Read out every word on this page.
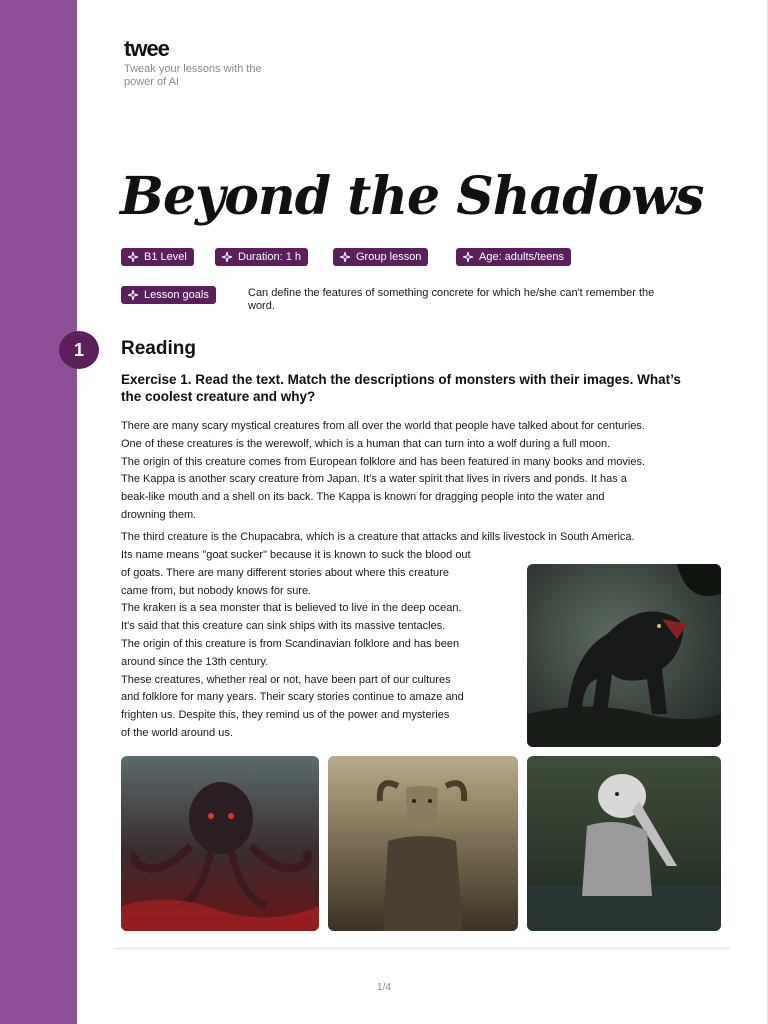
twee
Tweak your lessons with the power of AI
Beyond the Shadows
B1 Level	Duration: 1 h	Group lesson	Age: adults/teens
Lesson goals	Can define the features of something concrete for which he/she can't remember the word.
1	Reading
Exercise 1. Read the text. Match the descriptions of monsters with their images. What’s the coolest creature and why?

There are many scary mystical creatures from all over the world that people have talked about for centuries.

One of these creatures is the werewolf, which is a human that can turn into a wolf during a full moon.

The origin of this creature comes from European folklore and has been featured in many books and movies.

The Kappa is another scary creature from Japan. It's a water spirit that lives in rivers and ponds. It has a

beak-like mouth and a shell on its back. The Kappa is known for dragging people into the water and

drowning them.

The third creature is the Chupacabra, which is a creature that attacks and kills livestock in South America.

Its name means "goat sucker" because it is known to suck the blood out

of goats. There are many different stories about where this creature

came from, but nobody knows for sure.

The kraken is a sea monster that is believed to live in the deep ocean.

It's said that this creature can sink ships with its massive tentacles.

The origin of this creature is from Scandinavian folklore and has been

around since the 13th century.

These creatures, whether real or not, have been part of our cultures

and folklore for many years. Their scary stories continue to amaze and

frighten us. Despite this, they remind us of the power and mysteries

of the world around us.

1/4
